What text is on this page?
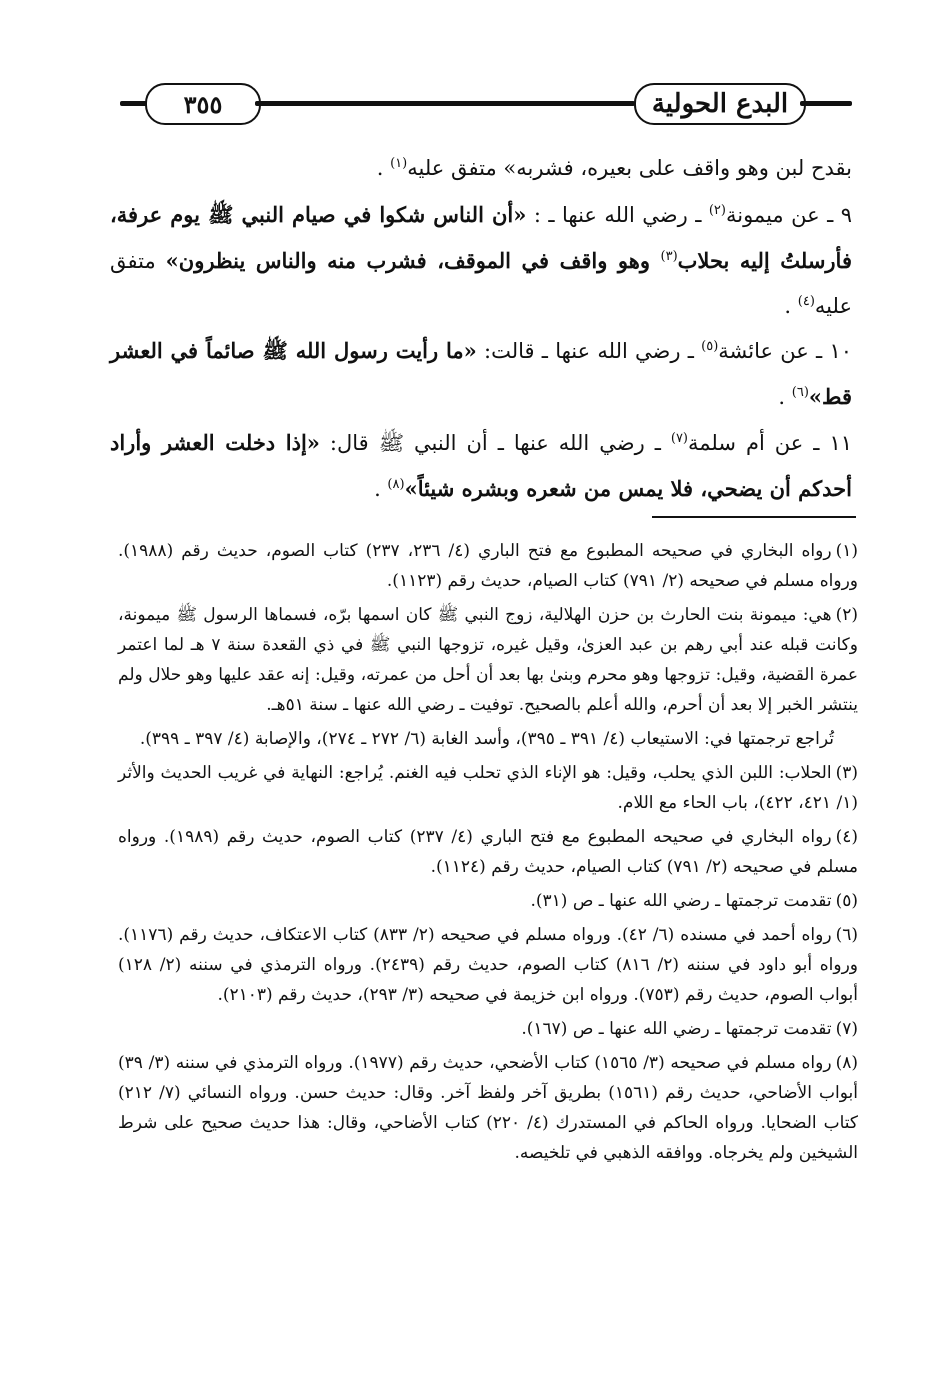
٣٥٥	البدع الحولية
بقدح لبن وهو واقف على بعيره، فشربه» متفق عليه$^{(١)}$ .
٩ ـ عن ميمونة$^{(٢)}$ ـ رضي الله عنها ـ : «أن الناس شكوا في صيام النبي ﷺ يوم عرفة، فأرسلتُ إليه بحلاب$^{(٣)}$ وهو واقف في الموقف، فشرب منه والناس ينظرون» متفق عليه$^{(٤)}$ .
١٠ ـ عن عائشة$^{(٥)}$ ـ رضي الله عنها ـ قالت: «ما رأيت رسول الله ﷺ صائماً في العشر قط»$^{(٦)}$ .
١١ ـ عن أم سلمة$^{(٧)}$ ـ رضي الله عنها ـ أن النبي ﷺ قال: «إذا دخلت العشر وأراد أحدكم أن يضحي، فلا يمس من شعره وبشره شيئاً»$^{(٨)}$ .

(١)رواه البخاري في صحيحه المطبوع مع فتح الباري (٤/ ٢٣٦، ٢٣٧) كتاب الصوم، حديث رقم (١٩٨٨). ورواه مسلم في صحيحه (٢/ ٧٩١) كتاب الصيام، حديث رقم (١١٢٣).

(٢)هي: ميمونة بنت الحارث بن حزن الهلالية، زوج النبي ﷺ كان اسمها برّه، فسماها الرسول ﷺ ميمونة، وكانت قبله عند أبي رهم بن عبد العزىٰ، وقيل غيره، تزوجها النبي ﷺ في ذي القعدة سنة ٧ هـ لما اعتمر عمرة القضية، وقيل: تزوجها وهو محرم وبنىٰ بها بعد أن أحل من عمرته، وقيل: إنه عقد عليها وهو حلال ولم ينتشر الخبر إلا بعد أن أحرم، والله أعلم بالصحيح. توفيت ـ رضي الله عنها ـ سنة ٥١هـ.

تُراجع ترجمتها في: الاستيعاب (٤/ ٣٩١ ـ ٣٩٥)، وأسد الغابة (٦/ ٢٧٢ ـ ٢٧٤)، والإصابة (٤/ ٣٩٧ ـ ٣٩٩).

(٣)الحلاب: اللبن الذي يحلب، وقيل: هو الإناء الذي تحلب فيه الغنم. يُراجع: النهاية في غريب الحديث والأثر (١/ ٤٢١، ٤٢٢)، باب الحاء مع اللام.

(٤)رواه البخاري في صحيحه المطبوع مع فتح الباري (٤/ ٢٣٧) كتاب الصوم، حديث رقم (١٩٨٩). ورواه مسلم في صحيحه (٢/ ٧٩١) كتاب الصيام، حديث رقم (١١٢٤).

(٥)تقدمت ترجمتها ـ رضي الله عنها ـ ص (٣١).

(٦)رواه أحمد في مسنده (٦/ ٤٢). ورواه مسلم في صحيحه (٢/ ٨٣٣) كتاب الاعتكاف، حديث رقم (١١٧٦). ورواه أبو داود في سننه (٢/ ٨١٦) كتاب الصوم، حديث رقم (٢٤٣٩). ورواه الترمذي في سننه (٢/ ١٢٨) أبواب الصوم، حديث رقم (٧٥٣). ورواه ابن خزيمة في صحيحه (٣/ ٢٩٣)، حديث رقم (٢١٠٣).

(٧)تقدمت ترجمتها ـ رضي الله عنها ـ ص (١٦٧).

(٨)رواه مسلم في صحيحه (٣/ ١٥٦٥) كتاب الأضحي، حديث رقم (١٩٧٧). ورواه الترمذي في سننه (٣/ ٣٩) أبواب الأضاحي، حديث رقم (١٥٦١) بطريق آخر ولفظ آخر. وقال: حديث حسن. ورواه النسائي (٧/ ٢١٢) كتاب الضحايا. ورواه الحاكم في المستدرك (٤/ ٢٢٠) كتاب الأضاحي، وقال: هذا حديث صحيح على شرط الشيخين ولم يخرجاه. ووافقه الذهبي في تلخيصه.
